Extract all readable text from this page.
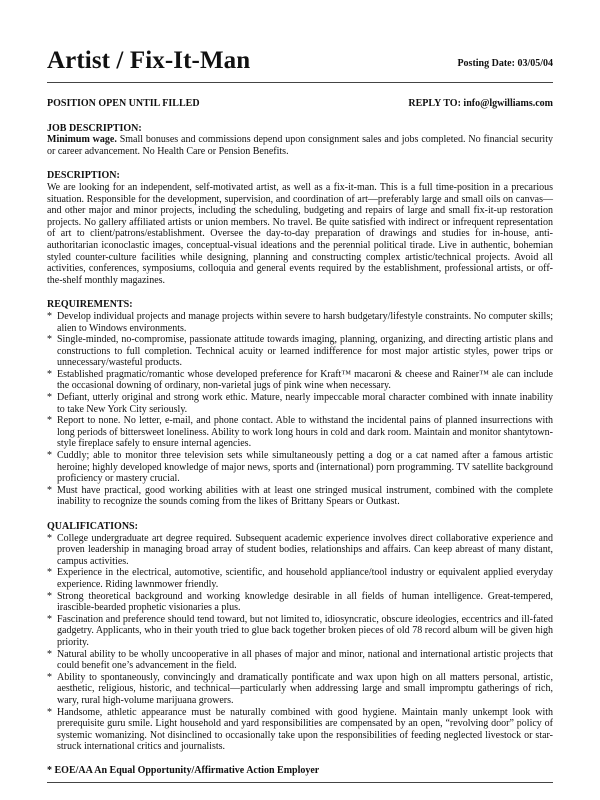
Artist / Fix-It-Man	Posting Date: 03/05/04
POSITION OPEN UNTIL FILLED	REPLY TO: info@lgwilliams.com
JOB DESCRIPTION:
Minimum wage. Small bonuses and commissions depend upon consignment sales and jobs completed. No financial security or career advancement. No Health Care or Pension Benefits.
DESCRIPTION:
We are looking for an independent, self-motivated artist, as well as a fix-it-man. This is a full time-position in a precarious situation. Responsible for the development, supervision, and coordination of art—preferably large and small oils on canvas—and other major and minor projects, including the scheduling, budgeting and repairs of large and small fix-it-up restoration projects. No gallery affiliated artists or union members. No travel. Be quite satisfied with indirect or infrequent representation of art to client/patrons/establishment. Oversee the day-to-day preparation of drawings and studies for in-house, anti-authoritarian iconoclastic images, conceptual-visual ideations and the perennial political tirade. Live in authentic, bohemian styled counter-culture facilities while designing, planning and constructing complex artistic/technical projects. Avoid all activities, conferences, symposiums, colloquia and general events required by the establishment, professional artists, or off-the-shelf monthly magazines.
REQUIREMENTS:
* Develop individual projects and manage projects within severe to harsh budgetary/lifestyle constraints. No computer skills; alien to Windows environments.
* Single-minded, no-compromise, passionate attitude towards imaging, planning, organizing, and directing artistic plans and constructions to full completion. Technical acuity or learned indifference for most major artistic styles, power trips or unnecessary/wasteful products.
* Established pragmatic/romantic whose developed preference for Kraft™ macaroni & cheese and Rainer™ ale can include the occasional downing of ordinary, non-varietal jugs of pink wine when necessary.
* Defiant, utterly original and strong work ethic. Mature, nearly impeccable moral character combined with innate inability to take New York City seriously.
* Report to none. No letter, e-mail, and phone contact. Able to withstand the incidental pains of planned insurrections with long periods of bittersweet loneliness. Ability to work long hours in cold and dark room. Maintain and monitor shantytown-style fireplace safely to ensure internal agencies.
* Cuddly; able to monitor three television sets while simultaneously petting a dog or a cat named after a famous artistic heroine; highly developed knowledge of major news, sports and (international) porn programming. TV satellite background proficiency or mastery crucial.
* Must have practical, good working abilities with at least one stringed musical instrument, combined with the complete inability to recognize the sounds coming from the likes of Brittany Spears or Outkast.
QUALIFICATIONS:
* College undergraduate art degree required. Subsequent academic experience involves direct collaborative experience and proven leadership in managing broad array of student bodies, relationships and affairs. Can keep abreast of many distant, campus activities.
* Experience in the electrical, automotive, scientific, and household appliance/tool industry or equivalent applied everyday experience. Riding lawnmower friendly.
* Strong theoretical background and working knowledge desirable in all fields of human intelligence. Great-tempered, irascible-bearded prophetic visionaries a plus.
* Fascination and preference should tend toward, but not limited to, idiosyncratic, obscure ideologies, eccentrics and ill-fated gadgetry. Applicants, who in their youth tried to glue back together broken pieces of old 78 record album will be given high priority.
* Natural ability to be wholly uncooperative in all phases of major and minor, national and international artistic projects that could benefit one’s advancement in the field.
* Ability to spontaneously, convincingly and dramatically pontificate and wax upon high on all matters personal, artistic, aesthetic, religious, historic, and technical—particularly when addressing large and small impromptu gatherings of rich, wary, rural high-volume marijuana growers.
* Handsome, athletic appearance must be naturally combined with good hygiene. Maintain manly unkempt look with prerequisite guru smile. Light household and yard responsibilities are compensated by an open, “revolving door” policy of systemic womanizing. Not disinclined to occasionally take upon the responsibilities of feeding neglected livestock or star-struck international critics and journalists.
* EOE/AA An Equal Opportunity/Affirmative Action Employer
